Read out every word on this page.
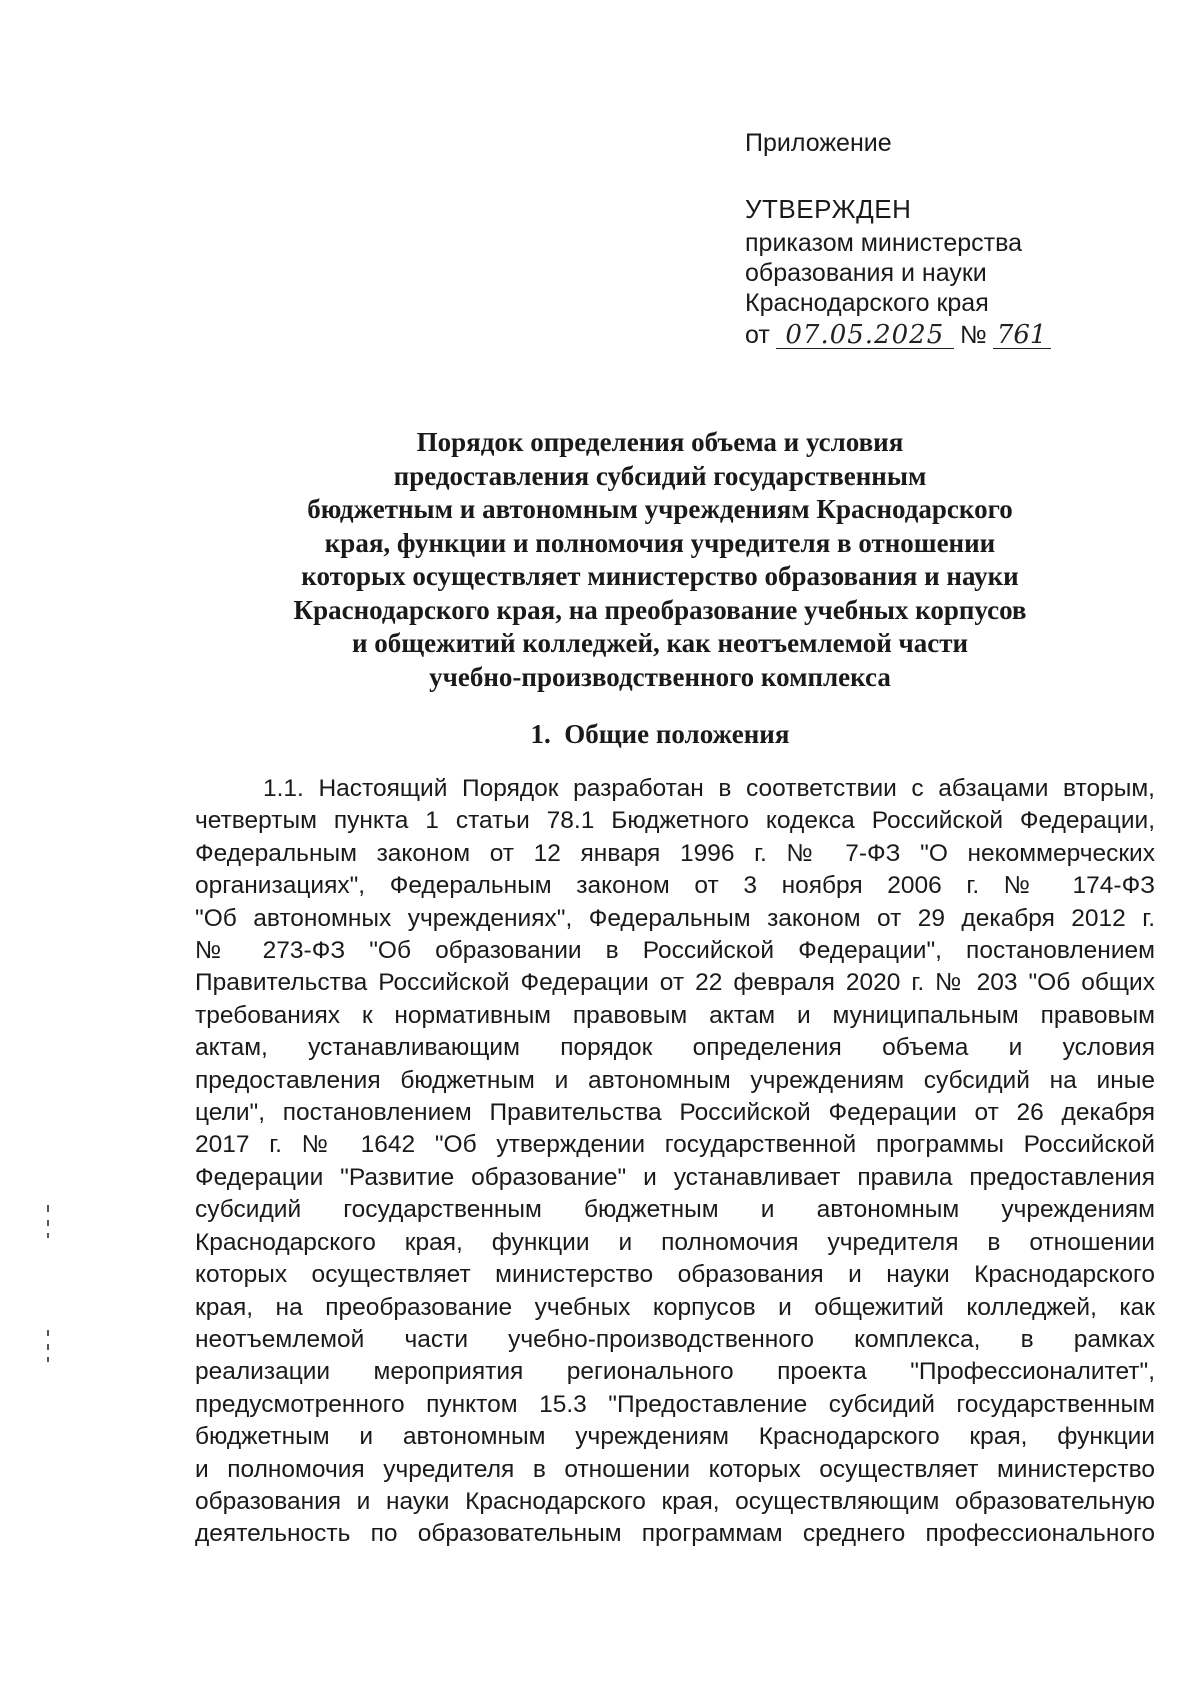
Приложение
УТВЕРЖДЕН
приказом министерства
образования и науки
Краснодарского края
от 07.05.2025 № 761
Порядок определения объема и условия
предоставления субсидий государственным
бюджетным и автономным учреждениям Краснодарского
края, функции и полномочия учредителя в отношении
которых осуществляет министерство образования и науки
Краснодарского края, на преобразование учебных корпусов
и общежитий колледжей, как неотъемлемой части
учебно-производственного комплекса
1.  Общие положения
1.1. Настоящий Порядок разработан в соответствии с абзацами вторым,
четвертым пункта 1 статьи 78.1 Бюджетного кодекса Российской Федерации,
Федеральным законом от 12 января 1996 г. № 7-ФЗ "О некоммерческих
организациях", Федеральным законом от 3 ноября 2006 г. № 174-ФЗ
"Об автономных учреждениях", Федеральным законом от 29 декабря 2012 г.
№ 273-ФЗ "Об образовании в Российской Федерации", постановлением
Правительства Российской Федерации от 22 февраля 2020 г. № 203 "Об общих
требованиях к нормативным правовым актам и муниципальным правовым
актам, устанавливающим порядок определения объема и условия
предоставления бюджетным и автономным учреждениям субсидий на иные
цели", постановлением Правительства Российской Федерации от 26 декабря
2017 г. № 1642 "Об утверждении государственной программы Российской
Федерации "Развитие образование" и устанавливает правила предоставления
субсидий государственным бюджетным и автономным учреждениям
Краснодарского края, функции и полномочия учредителя в отношении
которых осуществляет министерство образования и науки Краснодарского
края, на преобразование учебных корпусов и общежитий колледжей, как
неотъемлемой части учебно-производственного комплекса, в рамках
реализации мероприятия регионального проекта "Профессионалитет",
предусмотренного пунктом 15.3 "Предоставление субсидий государственным
бюджетным и автономным учреждениям Краснодарского края, функции
и полномочия учредителя в отношении которых осуществляет министерство
образования и науки Краснодарского края, осуществляющим образовательную
деятельность по образовательным программам среднего профессионального
